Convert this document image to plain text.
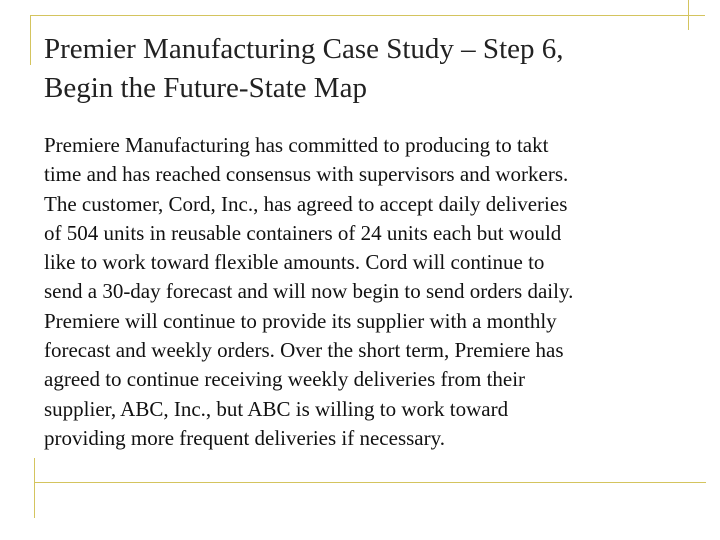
Premier Manufacturing Case Study – Step 6,
Begin the Future-State Map
Premiere Manufacturing has committed to producing to takt
time and has reached consensus with supervisors and workers.
The customer, Cord, Inc., has agreed to accept daily deliveries
of 504 units in reusable containers of 24 units each but would
like to work toward flexible amounts. Cord will continue to
send a 30-day forecast and will now begin to send orders daily.
Premiere will continue to provide its supplier with a monthly
forecast and weekly orders. Over the short term, Premiere has
agreed to continue receiving weekly deliveries from their
supplier, ABC, Inc., but ABC is willing to work toward
providing more frequent deliveries if necessary.
